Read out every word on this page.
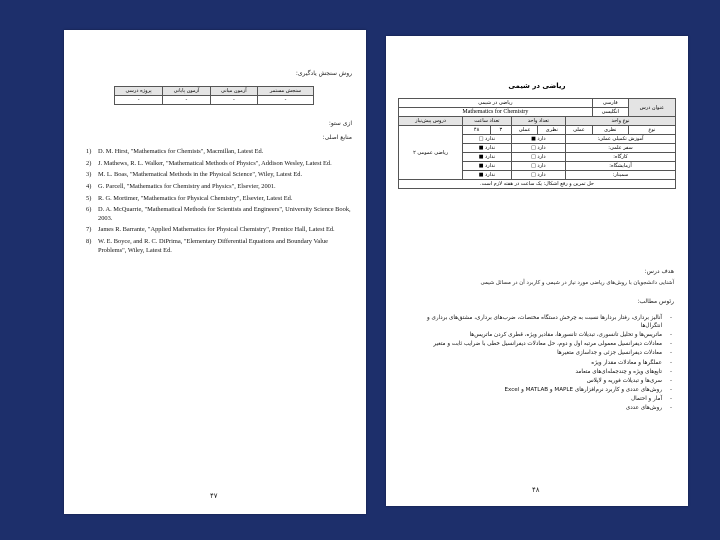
روش سنجش یادگیری:
پروژه درسی	آزمون پایانی	آزمون میانی	سنجش مستمر
-	-	-	-
ازی ستو:
منابع اصلی:
1)	D. M. Hirst, "Mathematics for Chemists", Macmillan, Latest Ed.
2)	J. Mathews, R. L. Walker, "Mathematical Methods of Physics", Addison Wesley, Latest Ed.
3)	M. L. Boas, "Mathematical Methods in the Physical Science", Wiley, Latest Ed.
4)	G. Parcell, "Mathematics for Chemistry and Physics", Elsevier, 2001.
5)	R. G. Mortimer, "Mathematics for Physical Chemistry", Elsevier, Latest Ed.
6)	D. A. McQuarrie, "Mathematical Methods for Scientists and Engineers", University Science Book, 2003.
7)	James R. Barrante, "Applied Mathematics for Physical Chemistry", Prentice Hall, Latest Ed.
8)	W. E. Boyce, and R. C. DiPrima, "Elementary Differential Equations and Boundary Value Problems", Wiley, Latest Ed.
۴۷
ریاضی در شیمی
عنوان درس	فارسی	ریاضی در شیمی					
	انگلیسی	Mathematics for Chemistry					
نوع واحد			تعداد واحد		تعداد ساعت		دروس پیش‌نیاز
نوع	نظری	عملی	نظری	عملی	۳	۴۸	ریاضی عمومی ۲
آموزش تکمیلی عملی:			دارد ■		ندارد □		
سفر علمی:			دارد □		ندارد ■		
کارگاه:			دارد □		ندارد ■		
آزمایشگاه:			دارد □		ندارد ■		
سمینار:			دارد □		ندارد ■		
حل تمرین و رفع اشکال: یک ساعت در هفته لازم است.							
هدف درس:
آشنایی دانشجویان با روش‌های ریاضی مورد نیاز در شیمی و کاربرد آن در مسائل شیمی
رئوس مطالب:
-
آنالیز برداری، رفتار بردارها نسبت به چرخش دستگاه مختصات، ضرب‌های برداری، مشتق‌های برداری و انتگرال‌ها
-
ماتریس‌ها و تحلیل تانسوری، تبدیلات تانسورها، مقادیر ویژه، قطری کردن ماتریس‌ها
-
معادلات دیفرانسیل معمولی مرتبه اول و دوم، حل معادلات دیفرانسیل خطی با ضرایب ثابت و متغیر
-
معادلات دیفرانسیل جزئی و جداسازی متغیرها
-
عملگرها و معادلات مقدار ویژه
-
تابع‌های ویژه و چندجمله‌ای‌های متعامد
-
سری‌ها و تبدیلات فوریه و لاپلاس
-
روش‌های عددی و کاربرد نرم‌افزارهای MAPLE و MATLAB و Excel
-
آمار و احتمال
-
روش‌های عددی
۴۸
